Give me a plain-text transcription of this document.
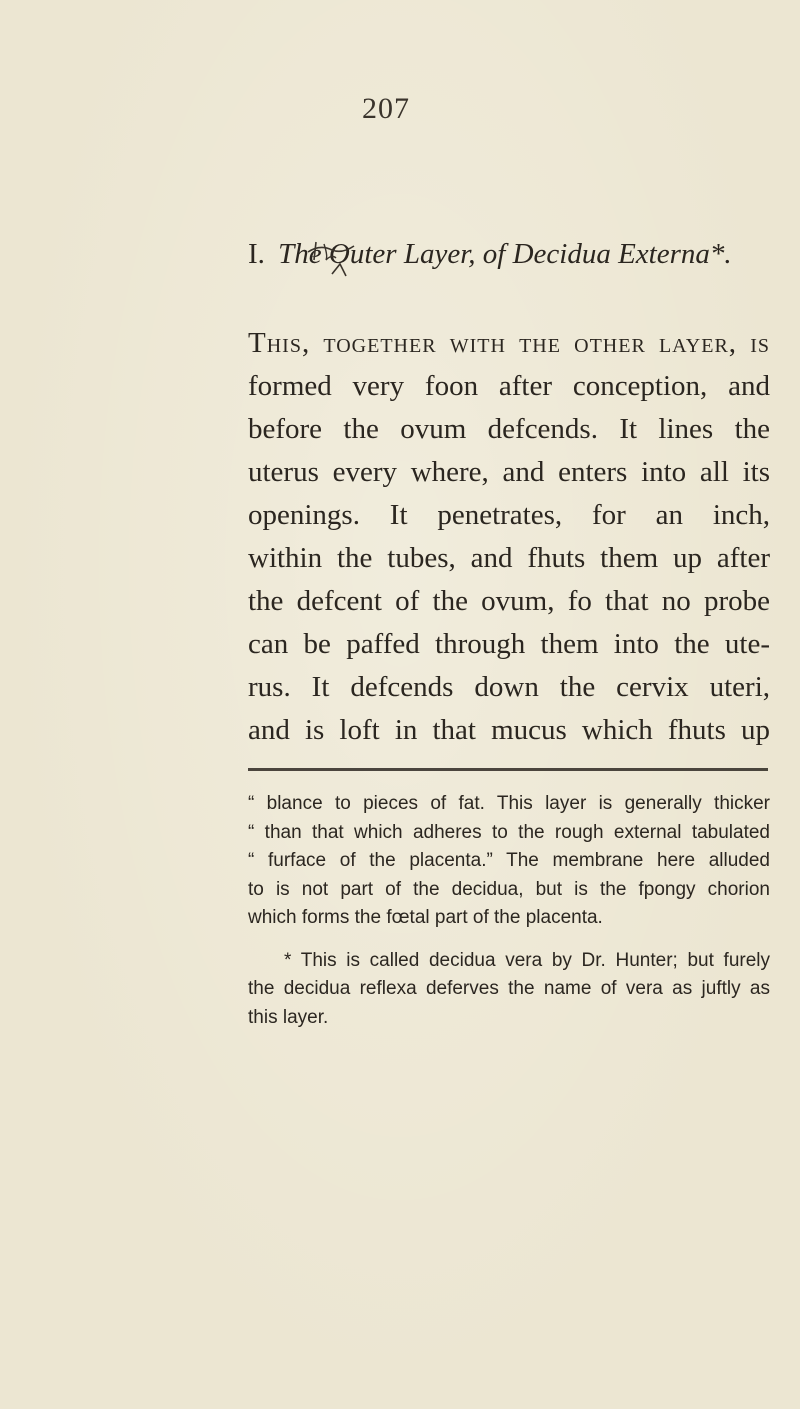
207
I. The Outer Layer, of Decidua Externa*.
This, together with the other layer, is
formed very foon after conception, and
before the ovum defcends. It lines the
uterus every where, and enters into all its
openings. It penetrates, for an inch,
within the tubes, and fhuts them up after
the defcent of the ovum, fo that no probe
can be paffed through them into the ute-
rus. It defcends down the cervix uteri,
and is loft in that mucus which fhuts up
“ blance to pieces of fat. This layer is generally thicker
“ than that which adheres to the rough external tabulated
“ furface of the placenta.” The membrane here alluded
to is not part of the decidua, but is the fpongy chorion
which forms the fœtal part of the placenta.
* This is called decidua vera by Dr. Hunter; but furely
the decidua reflexa deferves the name of vera as juftly as
this layer.
